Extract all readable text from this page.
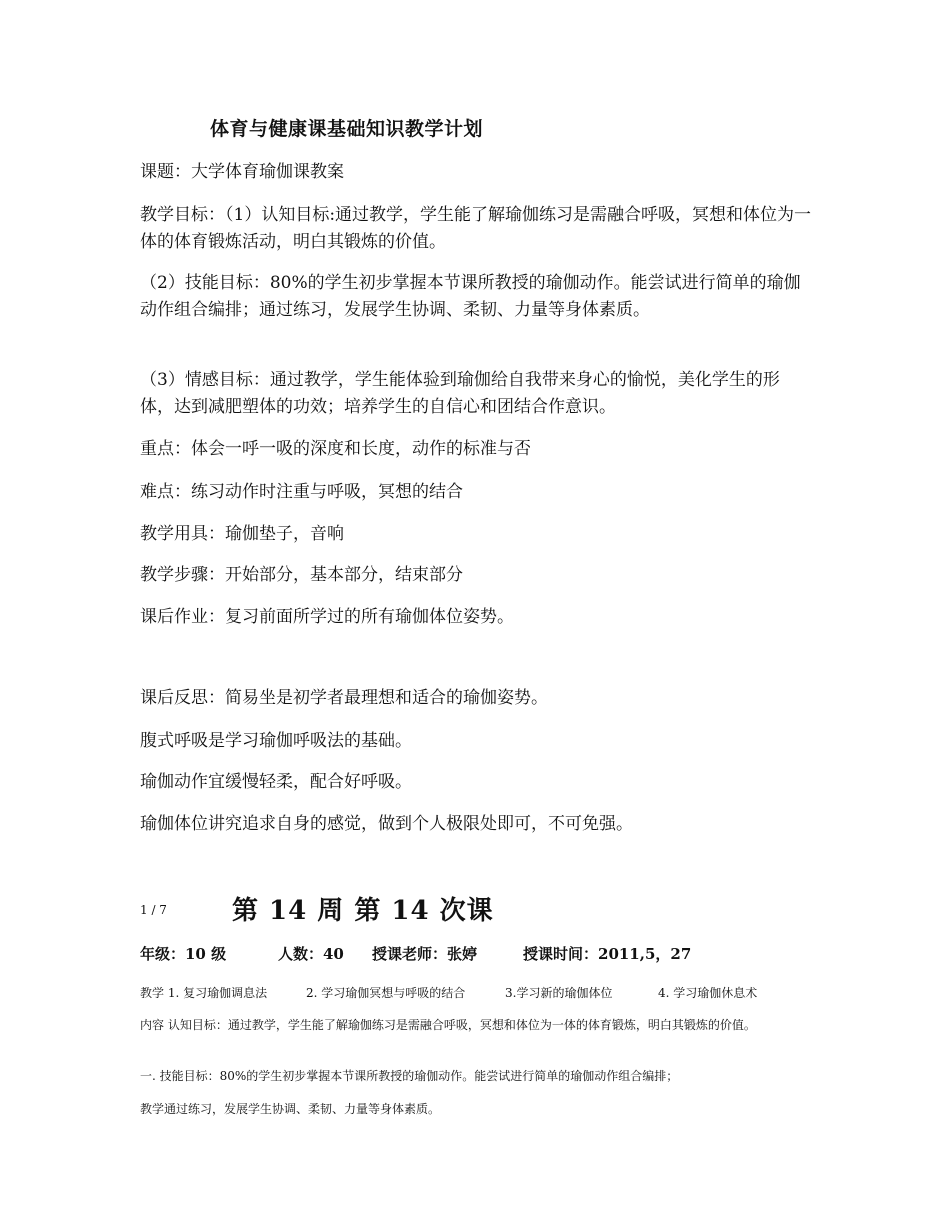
体育与健康课基础知识教学计划
课题：大学体育瑜伽课教案
教学目标：（1）认知目标:通过教学，学生能了解瑜伽练习是需融合呼吸，冥想和体位为一体的体育锻炼活动，明白其锻炼的价值。
（2）技能目标：80%的学生初步掌握本节课所教授的瑜伽动作。能尝试进行简单的瑜伽动作组合编排；通过练习，发展学生协调、柔韧、力量等身体素质。
（3）情感目标：通过教学，学生能体验到瑜伽给自我带来身心的愉悦，美化学生的形体，达到减肥塑体的功效；培养学生的自信心和团结合作意识。
重点：体会一呼一吸的深度和长度，动作的标准与否
难点：练习动作时注重与呼吸，冥想的结合
教学用具：瑜伽垫子，音响
教学步骤：开始部分，基本部分，结束部分
课后作业：复习前面所学过的所有瑜伽体位姿势。
课后反思：简易坐是初学者最理想和适合的瑜伽姿势。
腹式呼吸是学习瑜伽呼吸法的基础。
瑜伽动作宜缓慢轻柔，配合好呼吸。
瑜伽体位讲究追求自身的感觉，做到个人极限处即可，不可免强。
1 / 7	第 14 周 第 14 次课
年级：10 级	人数：40 授课老师：张婷	授课时间：2011,5，27
教学 1. 复习瑜伽调息法	2. 学习瑜伽冥想与呼吸的结合	3.学习新的瑜伽体位	4. 学习瑜伽休息术
内容 认知目标：通过教学，学生能了解瑜伽练习是需融合呼吸，冥想和体位为一体的体育锻炼，明白其锻炼的价值。
一. 技能目标：80%的学生初步掌握本节课所教授的瑜伽动作。能尝试进行简单的瑜伽动作组合编排；
教学通过练习，发展学生协调、柔韧、力量等身体素质。
